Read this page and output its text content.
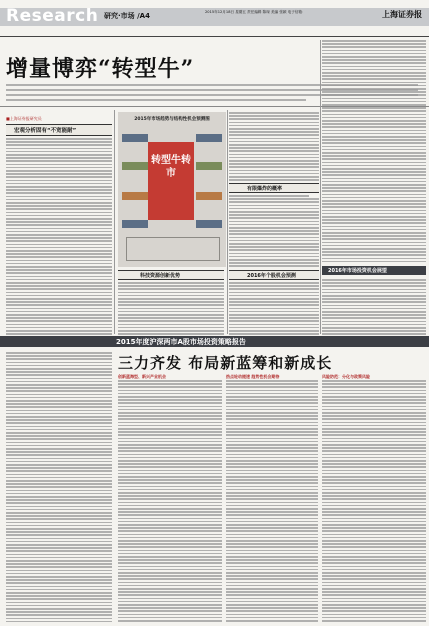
Research 研究·市场 /A4	2015年12月18日 星期五 责任编辑 陈琛 美编 张颖 电子信箱：	上海证券报
增量博弈“转型牛”
■上海证券报研究员
宏观分析固有“不宽能耐”
2015年市场趋势与结构性机会预测图
转型牛转市
科技资源创新优势	2016年个股机会预测
有限爆炸的概率
2016年市场投资机会展望
2015年度沪深两市A股市场投资策略报告
三力齐发 布局新蓝筹和新成长
创新蓝海型、新兴产业机会	热点轮动提速 趋势性机会期待	风险防范：分化与政策风险
